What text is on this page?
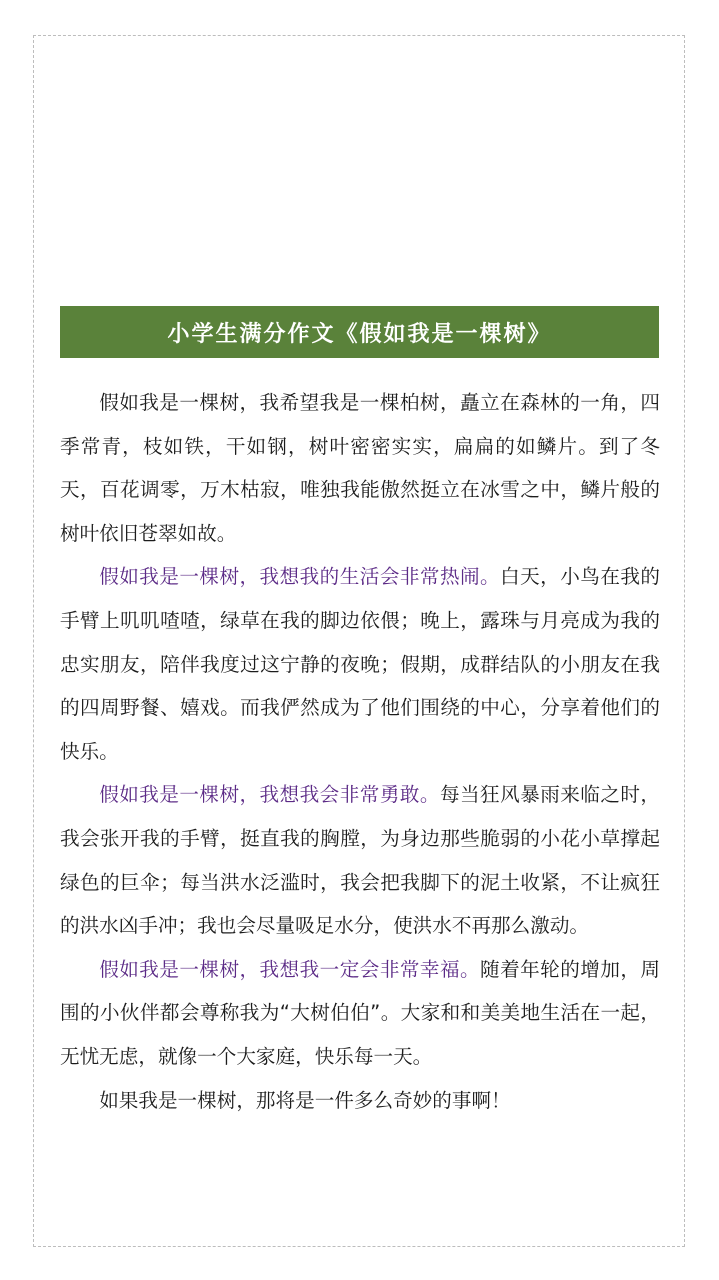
小学生满分作文《假如我是一棵树》

假如我是一棵树，我希望我是一棵柏树，矗立在森林的一角，四季常青，枝如铁，干如钢，树叶密密实实，扁扁的如鳞片。到了冬天，百花调零，万木枯寂，唯独我能傲然挺立在冰雪之中，鳞片般的树叶依旧苍翠如故。

假如我是一棵树，我想我的生活会非常热闹。白天，小鸟在我的手臂上叽叽喳喳，绿草在我的脚边依偎；晚上，露珠与月亮成为我的忠实朋友，陪伴我度过这宁静的夜晚；假期，成群结队的小朋友在我的四周野餐、嬉戏。而我俨然成为了他们围绕的中心，分享着他们的快乐。

假如我是一棵树，我想我会非常勇敢。每当狂风暴雨来临之时，我会张开我的手臂，挺直我的胸膛，为身边那些脆弱的小花小草撑起绿色的巨伞；每当洪水泛滥时，我会把我脚下的泥土收紧，不让疯狂的洪水凶手冲；我也会尽量吸足水分，使洪水不再那么激动。

假如我是一棵树，我想我一定会非常幸福。随着年轮的增加，周围的小伙伴都会尊称我为“大树伯伯”。大家和和美美地生活在一起，无忧无虑，就像一个大家庭，快乐每一天。

如果我是一棵树，那将是一件多么奇妙的事啊！
